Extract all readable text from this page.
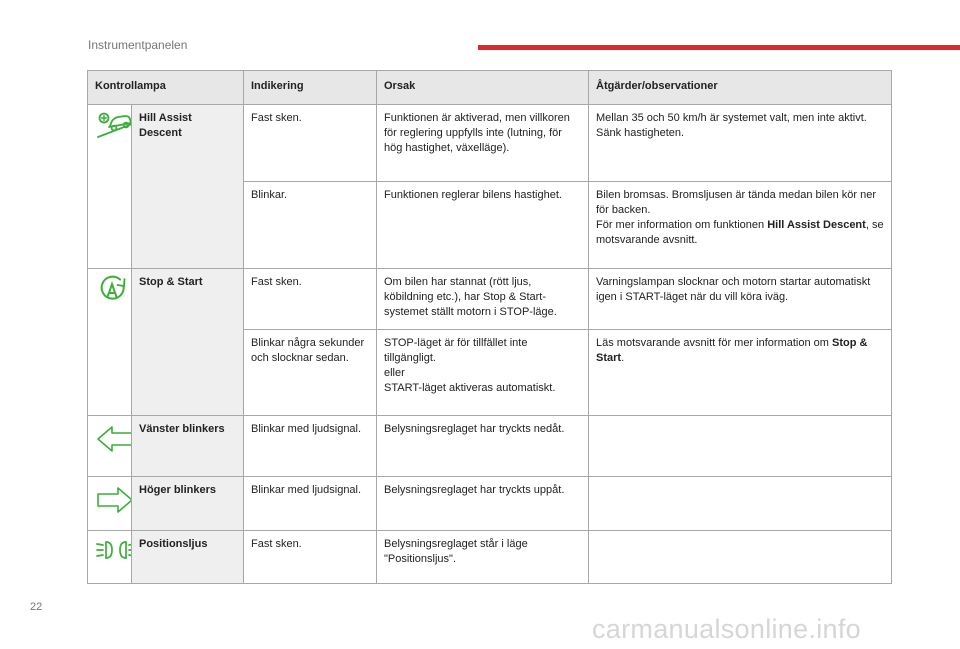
Instrumentpanelen
Kontrollampa		Indikering	Orsak	Åtgärder/observationer

	Hill Assist
Descent	Fast sken.	Funktionen är aktiverad, men villkoren för reglering uppfylls inte (lutning, för hög hastighet, växelläge).	Mellan 35 och 50 km/h är systemet valt, men inte aktivt.
Sänk hastigheten.
		Blinkar.	Funktionen reglerar bilens hastighet.	Bilen bromsas. Bromsljusen är tända medan bilen kör ner för backen.
För mer information om funktionen Hill Assist Descent, se motsvarande avsnitt.

	Stop & Start	Fast sken.	Om bilen har stannat (rött ljus, köbildning etc.), har Stop & Start-systemet ställt motorn i STOP-läge.	Varningslampan slocknar och motorn startar automatiskt igen i START-läget när du vill köra iväg.
		Blinkar några sekunder och slocknar sedan.	STOP-läget är för tillfället inte tillgängligt.
eller
START-läget aktiveras automatiskt.	Läs motsvarande avsnitt för mer information om Stop & Start.

	Vänster blinkers	Blinkar med ljudsignal.	Belysningsreglaget har tryckts nedåt.	

	Höger blinkers	Blinkar med ljudsignal.	Belysningsreglaget har tryckts uppåt.	

	Positionsljus	Fast sken.	Belysningsreglaget står i läge "Positionsljus".	
22
carmanualsonline.info
